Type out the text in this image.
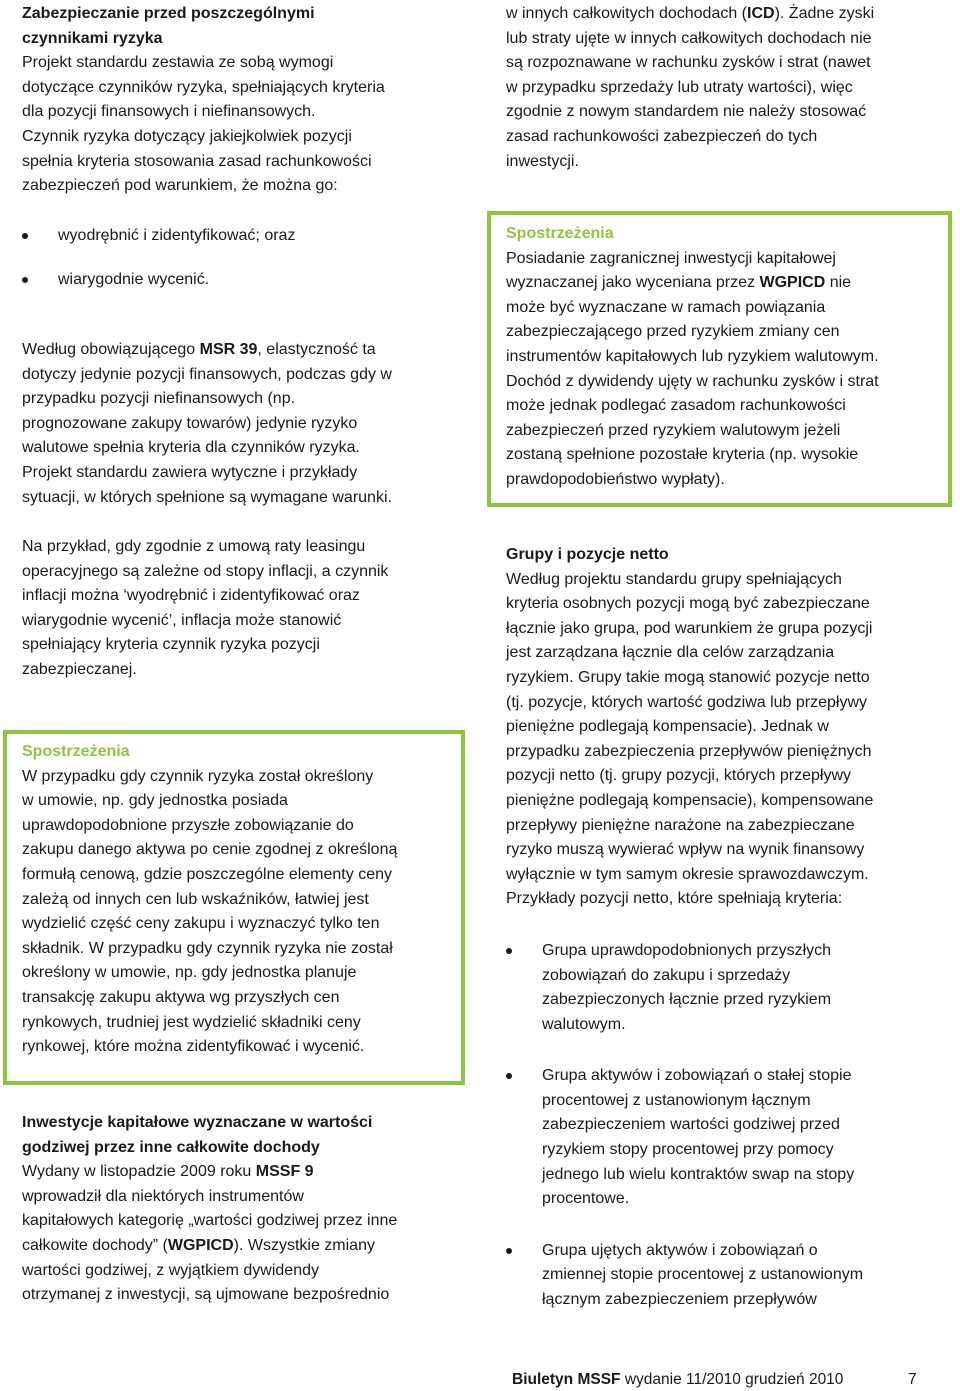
Zabezpieczanie przed poszczególnymi
czynnikami ryzyka

Projekt standardu zestawia ze sobą wymogi
dotyczące czynników ryzyka, spełniających kryteria
dla pozycji finansowych i niefinansowych.
Czynnik ryzyka dotyczący jakiejkolwiek pozycji
spełnia kryteria stosowania zasad rachunkowości
zabezpieczeń pod warunkiem, że można go:

wyodrębnić i zidentyfikować; oraz
wiarygodnie wycenić.

Według obowiązującego MSR 39, elastyczność ta
dotyczy jedynie pozycji finansowych, podczas gdy w
przypadku pozycji niefinansowych (np.
prognozowane zakupy towarów) jedynie ryzyko
walutowe spełnia kryteria dla czynników ryzyka.
Projekt standardu zawiera wytyczne i przykłady
sytuacji, w których spełnione są wymagane warunki.

Na przykład, gdy zgodnie z umową raty leasingu
operacyjnego są zależne od stopy inflacji, a czynnik
inflacji można ‘wyodrębnić i zidentyfikować oraz
wiarygodnie wycenić’, inflacja może stanowić
spełniający kryteria czynnik ryzyka pozycji
zabezpieczanej.

Spostrzeżenia

W przypadku gdy czynnik ryzyka został określony
w umowie, np. gdy jednostka posiada
uprawdopodobnione przyszłe zobowiązanie do
zakupu danego aktywa po cenie zgodnej z określoną
formułą cenową, gdzie poszczególne elementy ceny
zależą od innych cen lub wskaźników, łatwiej jest
wydzielić część ceny zakupu i wyznaczyć tylko ten
składnik. W przypadku gdy czynnik ryzyka nie został
określony w umowie, np. gdy jednostka planuje
transakcję zakupu aktywa wg przyszłych cen
rynkowych, trudniej jest wydzielić składniki ceny
rynkowej, które można zidentyfikować i wycenić.

Inwestycje kapitałowe wyznaczane w wartości
godziwej przez inne całkowite dochody

Wydany w listopadzie 2009 roku MSSF 9
wprowadził dla niektórych instrumentów
kapitałowych kategorię „wartości godziwej przez inne
całkowite dochody” (WGPICD). Wszystkie zmiany
wartości godziwej, z wyjątkiem dywidendy
otrzymanej z inwestycji, są ujmowane bezpośrednio

w innych całkowitych dochodach (ICD). Żadne zyski
lub straty ujęte w innych całkowitych dochodach nie
są rozpoznawane w rachunku zysków i strat (nawet
w przypadku sprzedaży lub utraty wartości), więc
zgodnie z nowym standardem nie należy stosować
zasad rachunkowości zabezpieczeń do tych
inwestycji.

Spostrzeżenia

Posiadanie zagranicznej inwestycji kapitałowej
wyznaczanej jako wyceniana przez WGPICD nie
może być wyznaczane w ramach powiązania
zabezpieczającego przed ryzykiem zmiany cen
instrumentów kapitałowych lub ryzykiem walutowym.
Dochód z dywidendy ujęty w rachunku zysków i strat
może jednak podlegać zasadom rachunkowości
zabezpieczeń przed ryzykiem walutowym jeżeli
zostaną spełnione pozostałe kryteria (np. wysokie
prawdopodobieństwo wypłaty).

Grupy i pozycje netto

Według projektu standardu grupy spełniających
kryteria osobnych pozycji mogą być zabezpieczane
łącznie jako grupa, pod warunkiem że grupa pozycji
jest zarządzana łącznie dla celów zarządzania
ryzykiem. Grupy takie mogą stanowić pozycje netto
(tj. pozycje, których wartość godziwa lub przepływy
pieniężne podlegają kompensacie). Jednak w
przypadku zabezpieczenia przepływów pieniężnych
pozycji netto (tj. grupy pozycji, których przepływy
pieniężne podlegają kompensacie), kompensowane
przepływy pieniężne narażone na zabezpieczane
ryzyko muszą wywierać wpływ na wynik finansowy
wyłącznie w tym samym okresie sprawozdawczym.
Przykłady pozycji netto, które spełniają kryteria:

Grupa uprawdopodobnionych przyszłych
zobowiązań do zakupu i sprzedaży
zabezpieczonych łącznie przed ryzykiem
walutowym.
Grupa aktywów i zobowiązań o stałej stopie
procentowej z ustanowionym łącznym
zabezpieczeniem wartości godziwej przed
ryzykiem stopy procentowej przy pomocy
jednego lub wielu kontraktów swap na stopy
procentowe.
Grupa ujętych aktywów i zobowiązań o
zmiennej stopie procentowej z ustanowionym
łącznym zabezpieczeniem przepływów
Biuletyn MSSF wydanie 11/2010 grudzień 2010	7
